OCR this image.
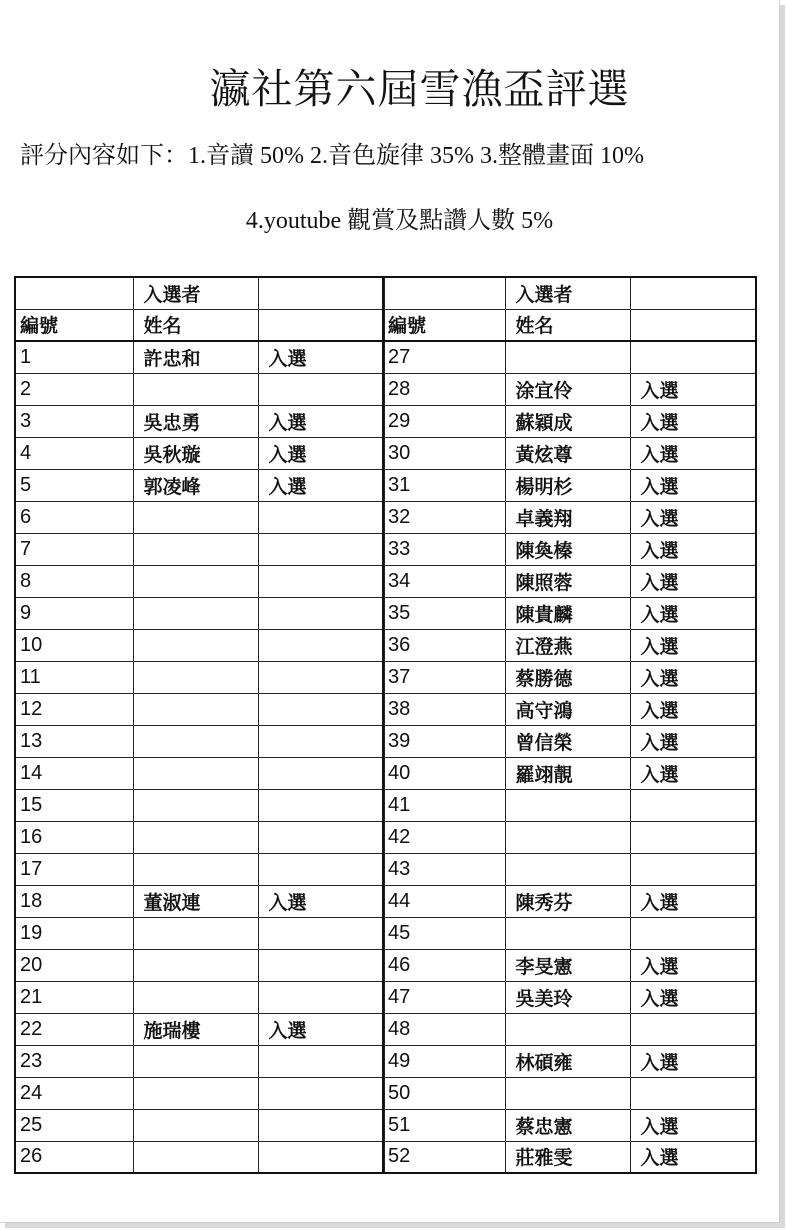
瀛社第六屆雪漁盃評選
評分內容如下：1.音讀 50% 2.音色旋律 35% 3.整體畫面 10%
4.youtube 觀賞及點讚人數 5%
	入選者	
編號	姓名	
1	許忠和	入選
2		
3	吳忠勇	入選
4	吳秋璇	入選
5	郭凌峰	入選
6		
7		
8		
9		
10		
11		
12		
13		
14		
15		
16		
17		
18	董淑連	入選
19		
20		
21		
22	施瑞樓	入選
23		
24		
25		
26		
	入選者	
編號	姓名	
27		
28	涂宜伶	入選
29	蘇穎成	入選
30	黃炫尊	入選
31	楊明杉	入選
32	卓義翔	入選
33	陳奐榛	入選
34	陳照蓉	入選
35	陳貴麟	入選
36	江澄燕	入選
37	蔡勝德	入選
38	高守鴻	入選
39	曾信榮	入選
40	羅翊靚	入選
41		
42		
43		
44	陳秀芬	入選
45		
46	李旻憲	入選
47	吳美玲	入選
48		
49	林碩雍	入選
50		
51	蔡忠憲	入選
52	莊雅雯	入選
